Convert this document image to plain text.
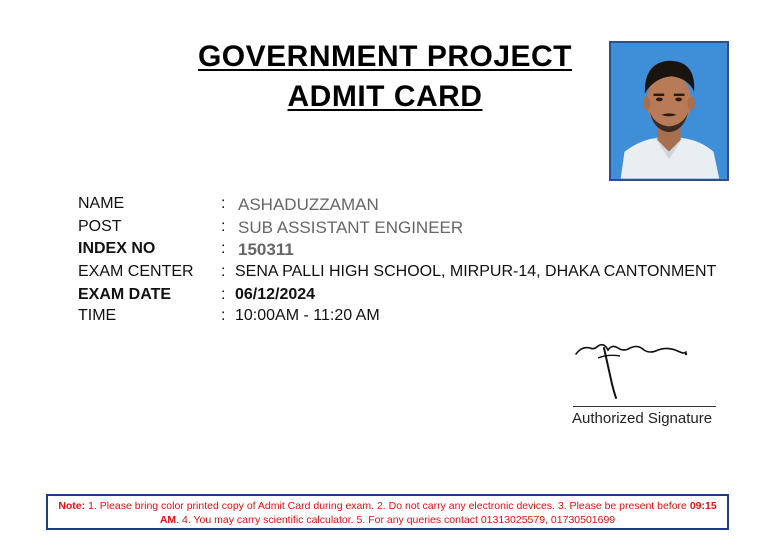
GOVERNMENT PROJECT
ADMIT CARD
NAME	: ASHADUZZAMAN
POST	: SUB ASSISTANT ENGINEER
INDEX NO	: 150311
EXAM CENTER : SENA PALLI HIGH SCHOOL, MIRPUR-14, DHAKA CANTONMENT
EXAM DATE	: 06/12/2024
TIME	: 10:00AM - 11:20 AM
Authorized Signature
Note: 1. Please bring color printed copy of Admit Card during exam. 2. Do not carry any electronic devices. 3. Please be present before 09:15 AM. 4. You may carry scientific calculator. 5. For any queries contact 01313025579, 01730501699
